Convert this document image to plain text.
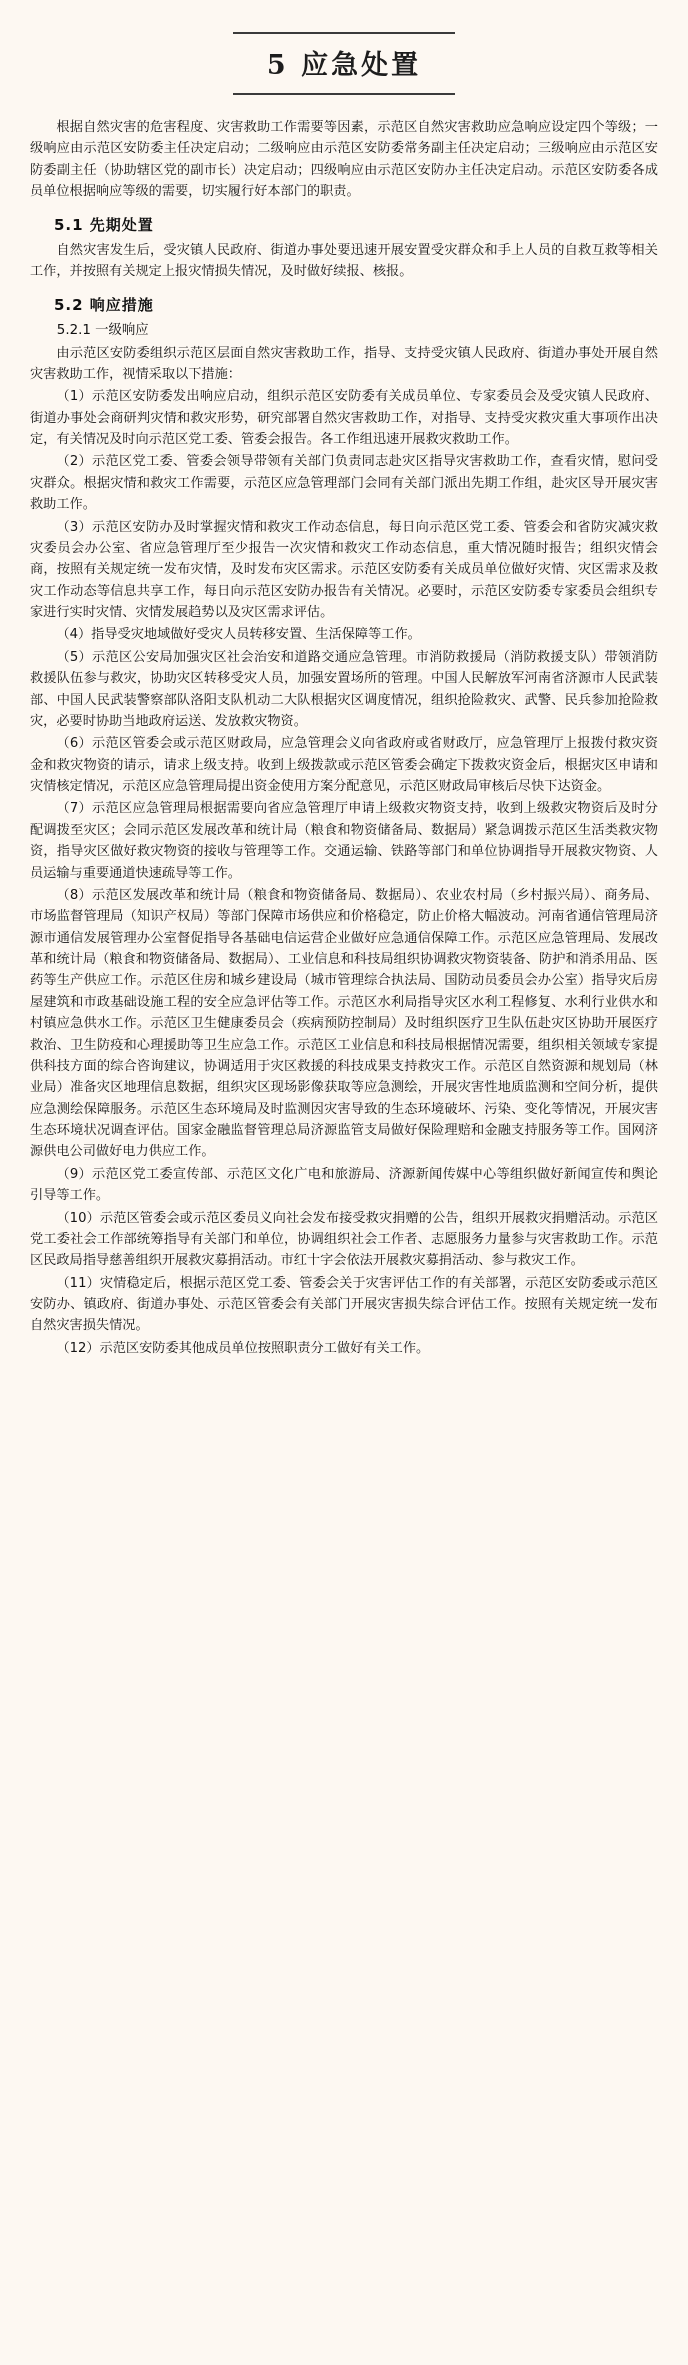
5 应急处置

根据自然灾害的危害程度、灾害救助工作需要等因素，示范区自然灾害救助应急响应设定四个等级；一级响应由示范区安防委主任决定启动；二级响应由示范区安防委常务副主任决定启动；三级响应由示范区安防委副主任（协助辖区党的副市长）决定启动；四级响应由示范区安防办主任决定启动。示范区安防委各成员单位根据响应等级的需要，切实履行好本部门的职责。

5.1 先期处置

自然灾害发生后，受灾镇人民政府、街道办事处要迅速开展安置受灾群众和手上人员的自救互救等相关工作，并按照有关规定上报灾情损失情况，及时做好续报、核报。

5.2 响应措施
5.2.1 一级响应

由示范区安防委组织示范区层面自然灾害救助工作，指导、支持受灾镇人民政府、街道办事处开展自然灾害救助工作，视情采取以下措施：

（1）示范区安防委发出响应启动，组织示范区安防委有关成员单位、专家委员会及受灾镇人民政府、街道办事处会商研判灾情和救灾形势，研究部署自然灾害救助工作，对指导、支持受灾救灾重大事项作出决定，有关情况及时向示范区党工委、管委会报告。各工作组迅速开展救灾救助工作。

（2）示范区党工委、管委会领导带领有关部门负责同志赴灾区指导灾害救助工作，查看灾情，慰问受灾群众。根据灾情和救灾工作需要，示范区应急管理部门会同有关部门派出先期工作组，赴灾区导开展灾害救助工作。

（3）示范区安防办及时掌握灾情和救灾工作动态信息，每日向示范区党工委、管委会和省防灾减灾救灾委员会办公室、省应急管理厅至少报告一次灾情和救灾工作动态信息，重大情况随时报告；组织灾情会商，按照有关规定统一发布灾情，及时发布灾区需求。示范区安防委有关成员单位做好灾情、灾区需求及救灾工作动态等信息共享工作，每日向示范区安防办报告有关情况。必要时，示范区安防委专家委员会组织专家进行实时灾情、灾情发展趋势以及灾区需求评估。

（4）指导受灾地域做好受灾人员转移安置、生活保障等工作。

（5）示范区公安局加强灾区社会治安和道路交通应急管理。市消防救援局（消防救援支队）带领消防救援队伍参与救灾，协助灾区转移受灾人员，加强安置场所的管理。中国人民解放军河南省济源市人民武装部、中国人民武装警察部队洛阳支队机动二大队根据灾区调度情况，组织抢险救灾、武警、民兵参加抢险救灾，必要时协助当地政府运送、发放救灾物资。

（6）示范区管委会或示范区财政局，应急管理会义向省政府或省财政厅，应急管理厅上报拨付救灾资金和救灾物资的请示，请求上级支持。收到上级拨款或示范区管委会确定下拨救灾资金后，根据灾区申请和灾情核定情况，示范区应急管理局提出资金使用方案分配意见，示范区财政局审核后尽快下达资金。

（7）示范区应急管理局根据需要向省应急管理厅申请上级救灾物资支持，收到上级救灾物资后及时分配调拨至灾区；会同示范区发展改革和统计局（粮食和物资储备局、数据局）紧急调拨示范区生活类救灾物资，指导灾区做好救灾物资的接收与管理等工作。交通运输、铁路等部门和单位协调指导开展救灾物资、人员运输与重要通道快速疏导等工作。

（8）示范区发展改革和统计局（粮食和物资储备局、数据局）、农业农村局（乡村振兴局）、商务局、市场监督管理局（知识产权局）等部门保障市场供应和价格稳定，防止价格大幅波动。河南省通信管理局济源市通信发展管理办公室督促指导各基础电信运营企业做好应急通信保障工作。示范区应急管理局、发展改革和统计局（粮食和物资储备局、数据局）、工业信息和科技局组织协调救灾物资装备、防护和消杀用品、医药等生产供应工作。示范区住房和城乡建设局（城市管理综合执法局、国防动员委员会办公室）指导灾后房屋建筑和市政基础设施工程的安全应急评估等工作。示范区水利局指导灾区水利工程修复、水利行业供水和村镇应急供水工作。示范区卫生健康委员会（疾病预防控制局）及时组织医疗卫生队伍赴灾区协助开展医疗救治、卫生防疫和心理援助等卫生应急工作。示范区工业信息和科技局根据情况需要，组织相关领域专家提供科技方面的综合咨询建议，协调适用于灾区救援的科技成果支持救灾工作。示范区自然资源和规划局（林业局）准备灾区地理信息数据，组织灾区现场影像获取等应急测绘，开展灾害性地质监测和空间分析，提供应急测绘保障服务。示范区生态环境局及时监测因灾害导致的生态环境破坏、污染、变化等情况，开展灾害生态环境状况调查评估。国家金融监督管理总局济源监管支局做好保险理赔和金融支持服务等工作。国网济源供电公司做好电力供应工作。

（9）示范区党工委宣传部、示范区文化广电和旅游局、济源新闻传媒中心等组织做好新闻宣传和舆论引导等工作。

（10）示范区管委会或示范区委员义向社会发布接受救灾捐赠的公告，组织开展救灾捐赠活动。示范区党工委社会工作部统筹指导有关部门和单位，协调组织社会工作者、志愿服务力量参与灾害救助工作。示范区民政局指导慈善组织开展救灾募捐活动。市红十字会依法开展救灾募捐活动、参与救灾工作。

（11）灾情稳定后，根据示范区党工委、管委会关于灾害评估工作的有关部署，示范区安防委或示范区安防办、镇政府、街道办事处、示范区管委会有关部门开展灾害损失综合评估工作。按照有关规定统一发布自然灾害损失情况。

（12）示范区安防委其他成员单位按照职责分工做好有关工作。
